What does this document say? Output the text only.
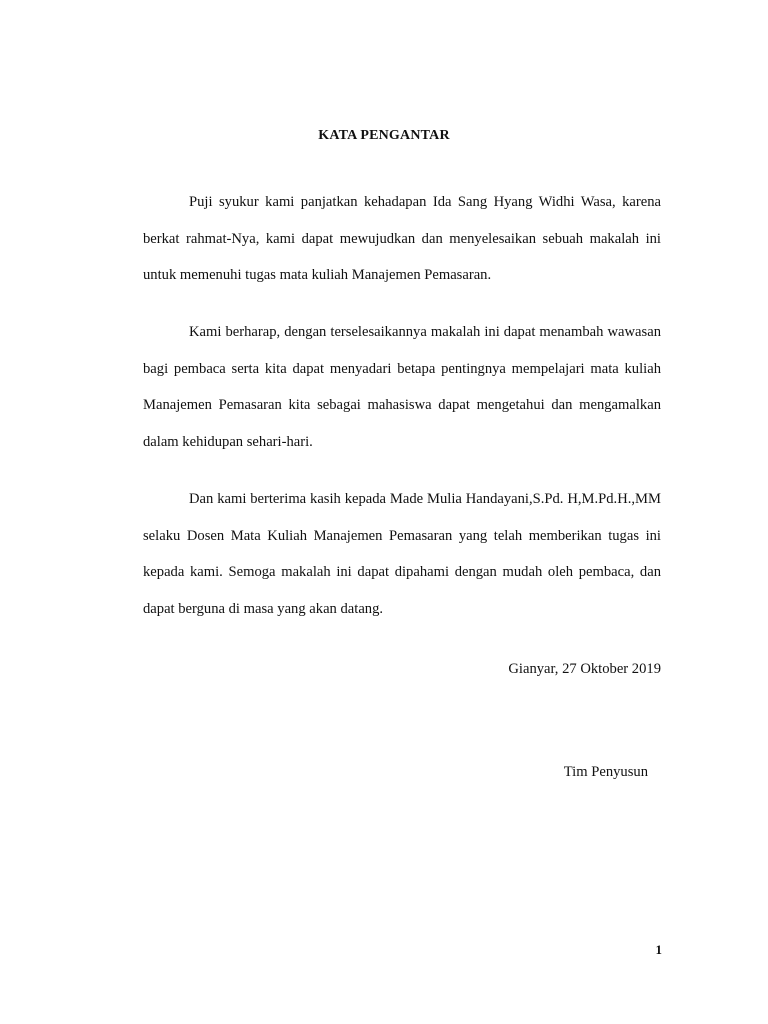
KATA PENGANTAR

Puji syukur kami panjatkan kehadapan Ida Sang Hyang Widhi Wasa, karena berkat rahmat-Nya, kami dapat mewujudkan dan menyelesaikan sebuah makalah ini untuk memenuhi tugas mata kuliah Manajemen Pemasaran.

Kami berharap, dengan terselesaikannya makalah ini dapat menambah wawasan bagi pembaca serta kita dapat menyadari betapa pentingnya mempelajari mata kuliah Manajemen Pemasaran kita sebagai mahasiswa dapat mengetahui dan mengamalkan dalam kehidupan sehari-hari.

Dan kami berterima kasih kepada Made Mulia Handayani,S.Pd. H,M.Pd.H.,MM selaku Dosen Mata Kuliah Manajemen Pemasaran yang telah memberikan tugas ini kepada kami. Semoga makalah ini dapat dipahami dengan mudah oleh pembaca, dan dapat berguna di masa yang akan datang.

Gianyar, 27 Oktober 2019
Tim Penyusun
1
